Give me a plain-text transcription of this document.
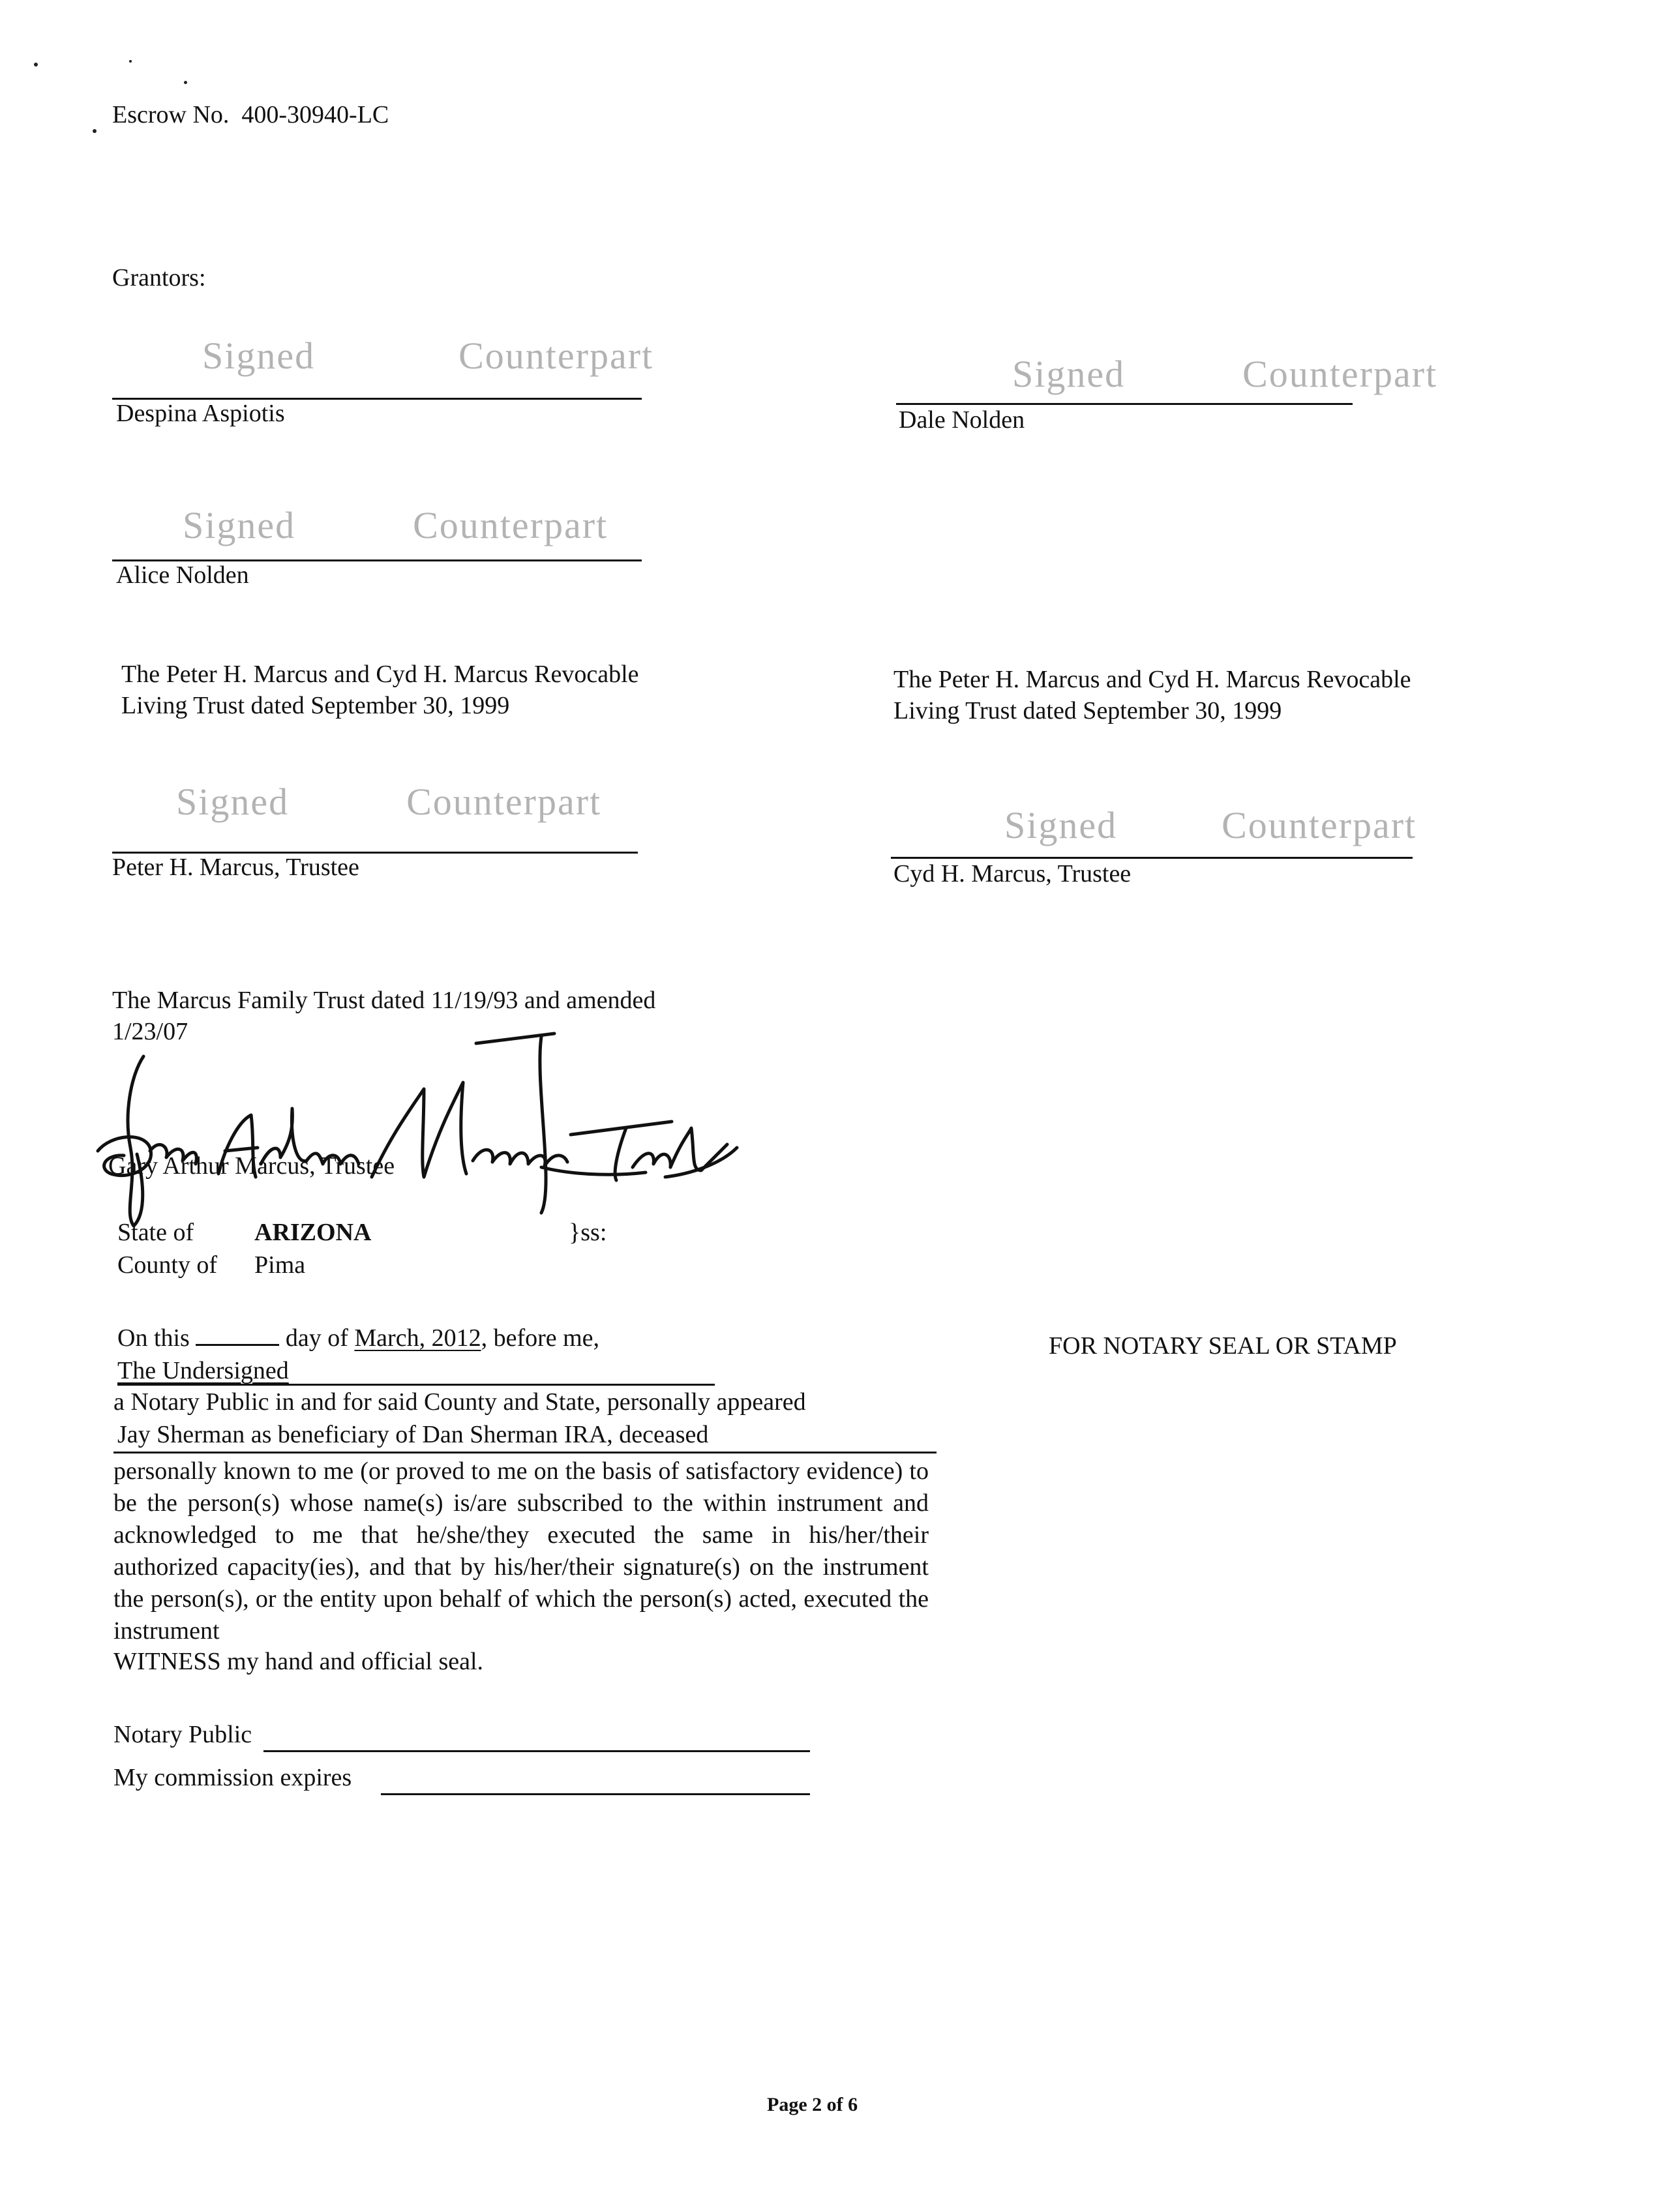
Escrow No. 400-30940-LC
Grantors:
Signed	Counterpart
Despina Aspiotis
Signed	Counterpart
Dale Nolden
Signed	Counterpart
Alice Nolden
The Peter H. Marcus and Cyd H. Marcus Revocable
Living Trust dated September 30, 1999
The Peter H. Marcus and Cyd H. Marcus Revocable
Living Trust dated September 30, 1999
Signed	Counterpart
Peter H. Marcus, Trustee
Signed	Counterpart
Cyd H. Marcus, Trustee
The Marcus Family Trust dated 11/19/93 and amended
1/23/07
Gary Arthur Marcus, Trustee
State of ARIZONA	}ss:
County of Pima
On this	day of March, 2012, before me,
The Undersigned
a Notary Public in and for said County and State, personally appeared
Jay Sherman as beneficiary of Dan Sherman IRA, deceased
personally known to me (or proved to me on the basis of satisfactory evidence) to be the person(s) whose name(s) is/are subscribed to the within instrument and acknowledged to me that he/she/they executed the same in his/her/their authorized capacity(ies), and that by his/her/their signature(s) on the instrument the person(s), or the entity upon behalf of which the person(s) acted, executed the instrument
WITNESS my hand and official seal.
Notary Public
My commission expires
FOR NOTARY SEAL OR STAMP
Page 2 of 6
